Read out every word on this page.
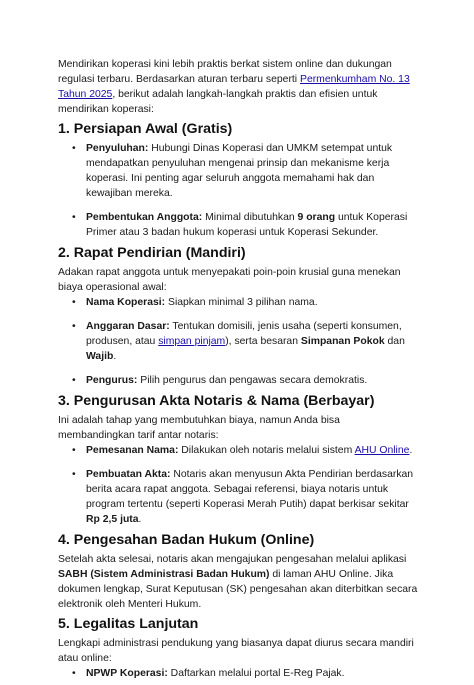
Mendirikan koperasi kini lebih praktis berkat sistem online dan dukungan regulasi terbaru. Berdasarkan aturan terbaru seperti Permenkumham No. 13 Tahun 2025, berikut adalah langkah-langkah praktis dan efisien untuk mendirikan koperasi:

1. Persiapan Awal (Gratis)
• Penyuluhan: Hubungi Dinas Koperasi dan UMKM setempat untuk mendapatkan penyuluhan mengenai prinsip dan mekanisme kerja koperasi. Ini penting agar seluruh anggota memahami hak dan kewajiban mereka.
• Pembentukan Anggota: Minimal dibutuhkan 9 orang untuk Koperasi Primer atau 3 badan hukum koperasi untuk Koperasi Sekunder.
2. Rapat Pendirian (Mandiri)

Adakan rapat anggota untuk menyepakati poin-poin krusial guna menekan biaya operasional awal:

• Nama Koperasi: Siapkan minimal 3 pilihan nama.
• Anggaran Dasar: Tentukan domisili, jenis usaha (seperti konsumen, produsen, atau simpan pinjam), serta besaran Simpanan Pokok dan Wajib.
• Pengurus: Pilih pengurus dan pengawas secara demokratis.
3. Pengurusan Akta Notaris & Nama (Berbayar)

Ini adalah tahap yang membutuhkan biaya, namun Anda bisa membandingkan tarif antar notaris:

• Pemesanan Nama: Dilakukan oleh notaris melalui sistem AHU Online.
• Pembuatan Akta: Notaris akan menyusun Akta Pendirian berdasarkan berita acara rapat anggota. Sebagai referensi, biaya notaris untuk program tertentu (seperti Koperasi Merah Putih) dapat berkisar sekitar Rp 2,5 juta.
4. Pengesahan Badan Hukum (Online)

Setelah akta selesai, notaris akan mengajukan pengesahan melalui aplikasi SABH (Sistem Administrasi Badan Hukum) di laman AHU Online. Jika dokumen lengkap, Surat Keputusan (SK) pengesahan akan diterbitkan secara elektronik oleh Menteri Hukum.

5. Legalitas Lanjutan

Lengkapi administrasi pendukung yang biasanya dapat diurus secara mandiri atau online:

• NPWP Koperasi: Daftarkan melalui portal E-Reg Pajak.
